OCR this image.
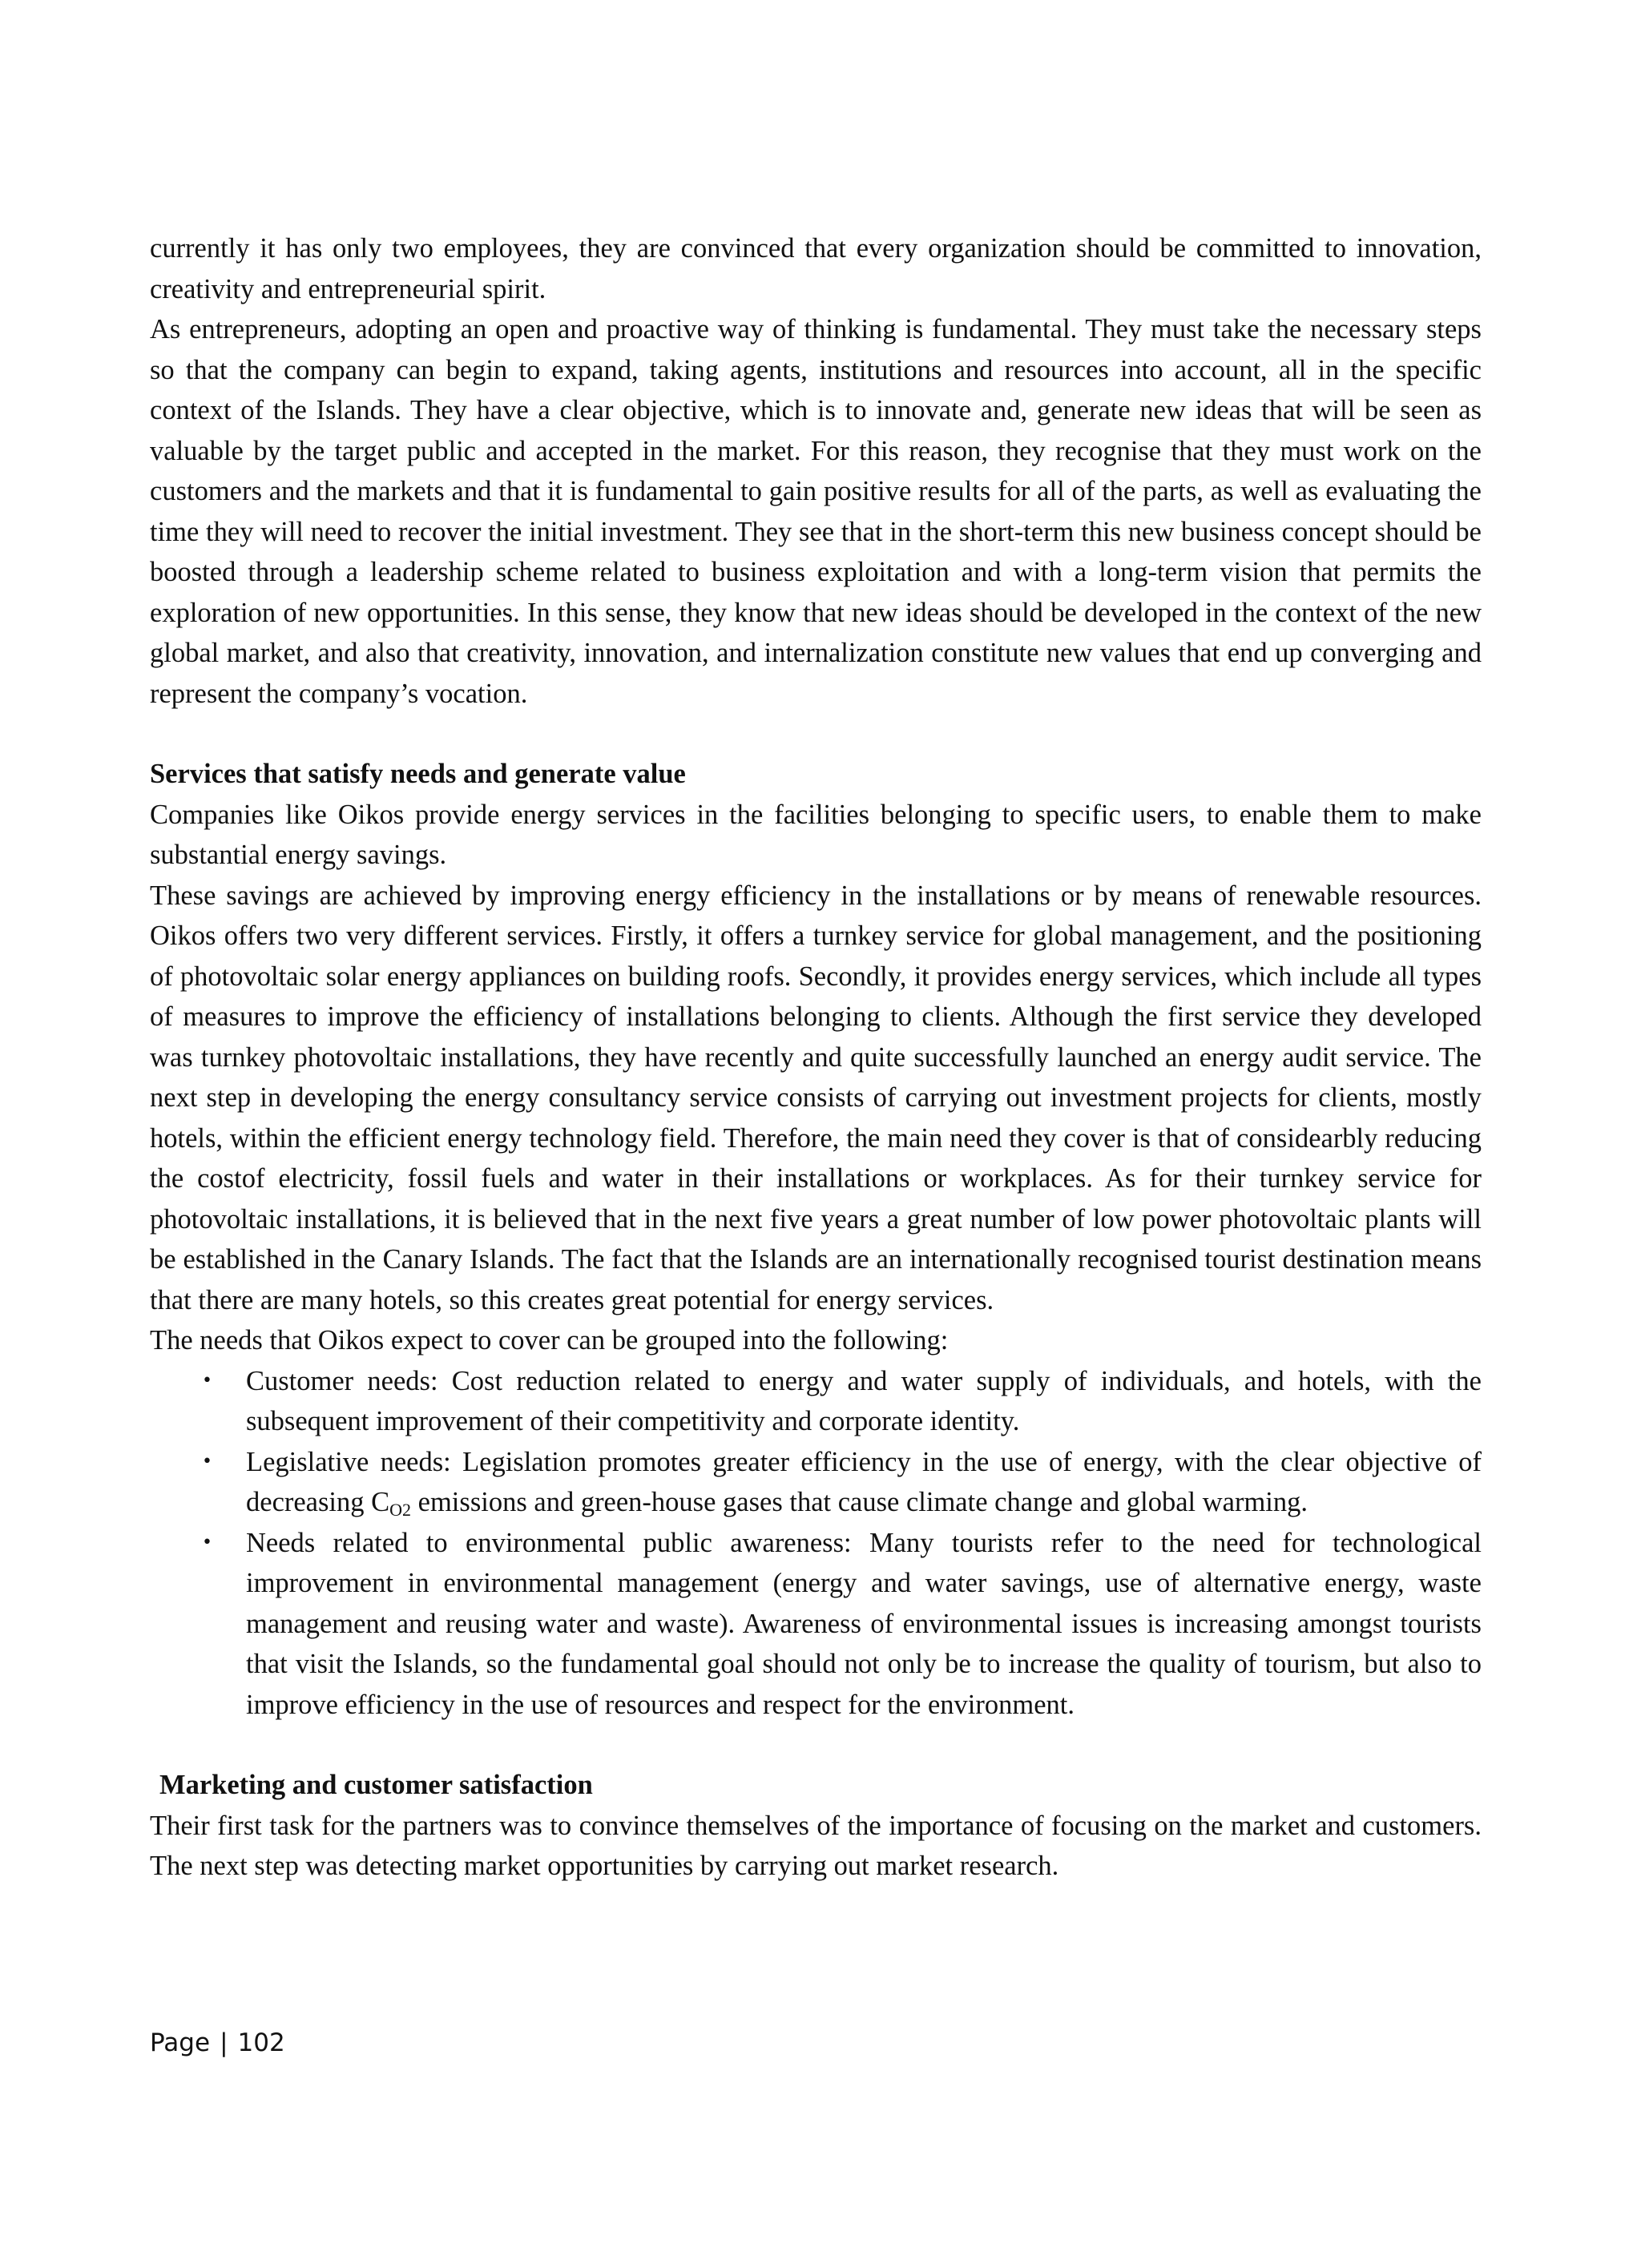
currently it has only two employees, they are convinced that every organization should be committed to innovation, creativity and entrepreneurial spirit.

As entrepreneurs, adopting an open and proactive way of thinking is fundamental. They must take the necessary steps so that the company can begin to expand, taking agents, institutions and resources into account, all in the specific context of the Islands. They have a clear objective, which is to innovate and, generate new ideas that will be seen as valuable by the target public and accepted in the market. For this reason, they recognise that they must work on the customers and the markets and that it is fundamental to gain positive results for all of the parts, as well as evaluating the time they will need to recover the initial investment. They see that in the short-term this new business concept should be boosted through a leadership scheme related to business exploitation and with a long-term vision that permits the exploration of new opportunities. In this sense, they know that new ideas should be developed in the context of the new global market, and also that creativity, innovation, and internalization constitute new values that end up converging and represent the company’s vocation.

Services that satisfy needs and generate value

Companies like Oikos provide energy services in the facilities belonging to specific users, to enable them to make substantial energy savings.

These savings are achieved by improving energy efficiency in the installations or by means of renewable resources. Oikos offers two very different services. Firstly, it offers a turnkey service for global management, and the positioning of photovoltaic solar energy appliances on building roofs. Secondly, it provides energy services, which include all types of measures to improve the efficiency of installations belonging to clients. Although the first service they developed was turnkey photovoltaic installations, they have recently and quite successfully launched an energy audit service. The next step in developing the energy consultancy service consists of carrying out investment projects for clients, mostly hotels, within the efficient energy technology field. Therefore, the main need they cover is that of considearbly reducing the costof electricity, fossil fuels and water in their installations or workplaces. As for their turnkey service for photovoltaic installations, it is believed that in the next five years a great number of low power photovoltaic plants will be established in the Canary Islands. The fact that the Islands are an internationally recognised tourist destination means that there are many hotels, so this creates great potential for energy services.

The needs that Oikos expect to cover can be grouped into the following:

• Customer needs: Cost reduction related to energy and water supply of individuals, and hotels, with the subsequent improvement of their competitivity and corporate identity.
• Legislative needs: Legislation promotes greater efficiency in the use of energy, with the clear objective of decreasing $C_{O2}$ emissions and green-house gases that cause climate change and global warming.
• Needs related to environmental public awareness: Many tourists refer to the need for technological improvement in environmental management (energy and water savings, use of alternative energy, waste management and reusing water and waste). Awareness of environmental issues is increasing amongst tourists that visit the Islands, so the fundamental goal should not only be to increase the quality of tourism, but also to improve efficiency in the use of resources and respect for the environment.
Marketing and customer satisfaction

Their first task for the partners was to convince themselves of the importance of focusing on the market and customers. The next step was detecting market opportunities by carrying out market research.

Page | 102
